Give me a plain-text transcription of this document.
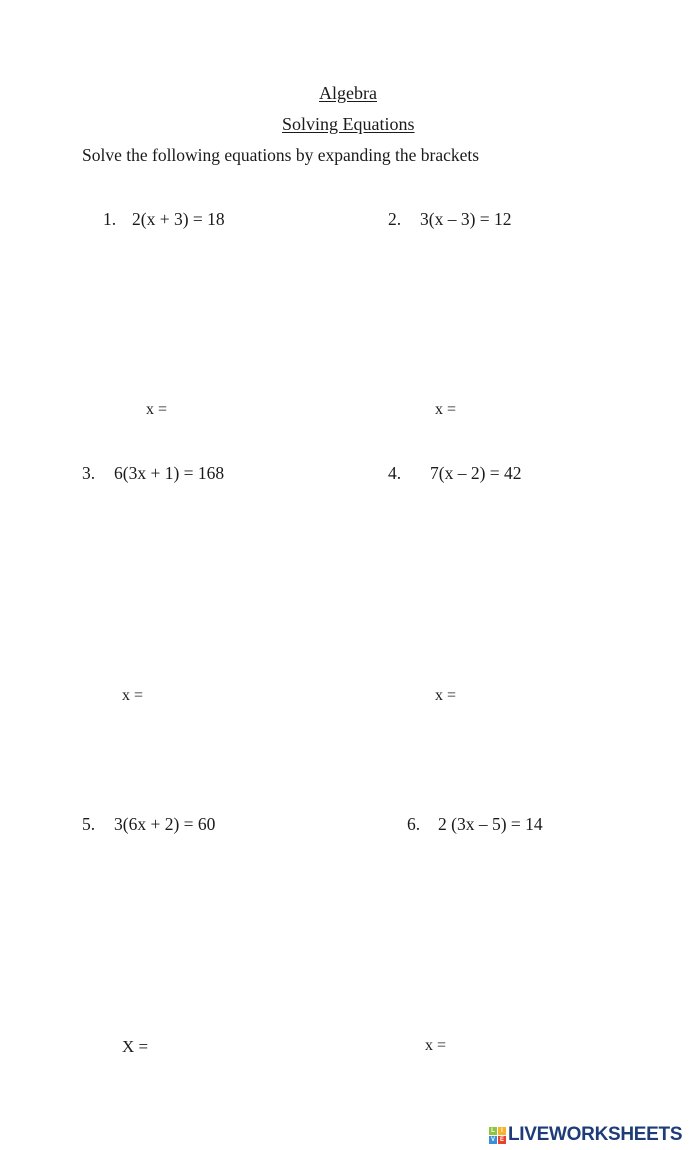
Algebra
Solving Equations
Solve the following equations by expanding the brackets
1. 2(x + 3) = 18
x =
2. 3(x – 3) = 12
x =
3. 6(3x + 1) = 168
x =
4. 7(x – 2) = 42
x =
5. 3(6x + 2) = 60
X =
6. 2 (3x – 5) = 14
x =
L	I
V E LIVEWORKSHEETS
